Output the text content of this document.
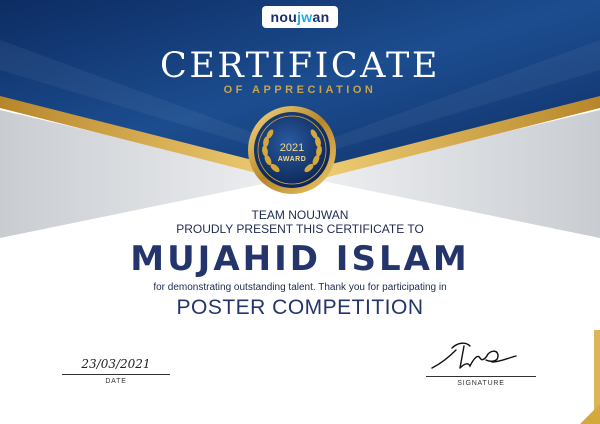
noujwan
CERTIFICATE
OF APPRECIATION
2021
AWARD
TEAM NOUJWAN
PROUDLY PRESENT THIS CERTIFICATE TO
MUJAHID ISLAM
for demonstrating outstanding talent. Thank you for participating in
POSTER COMPETITION
23/03/2021
DATE	SIGNATURE
